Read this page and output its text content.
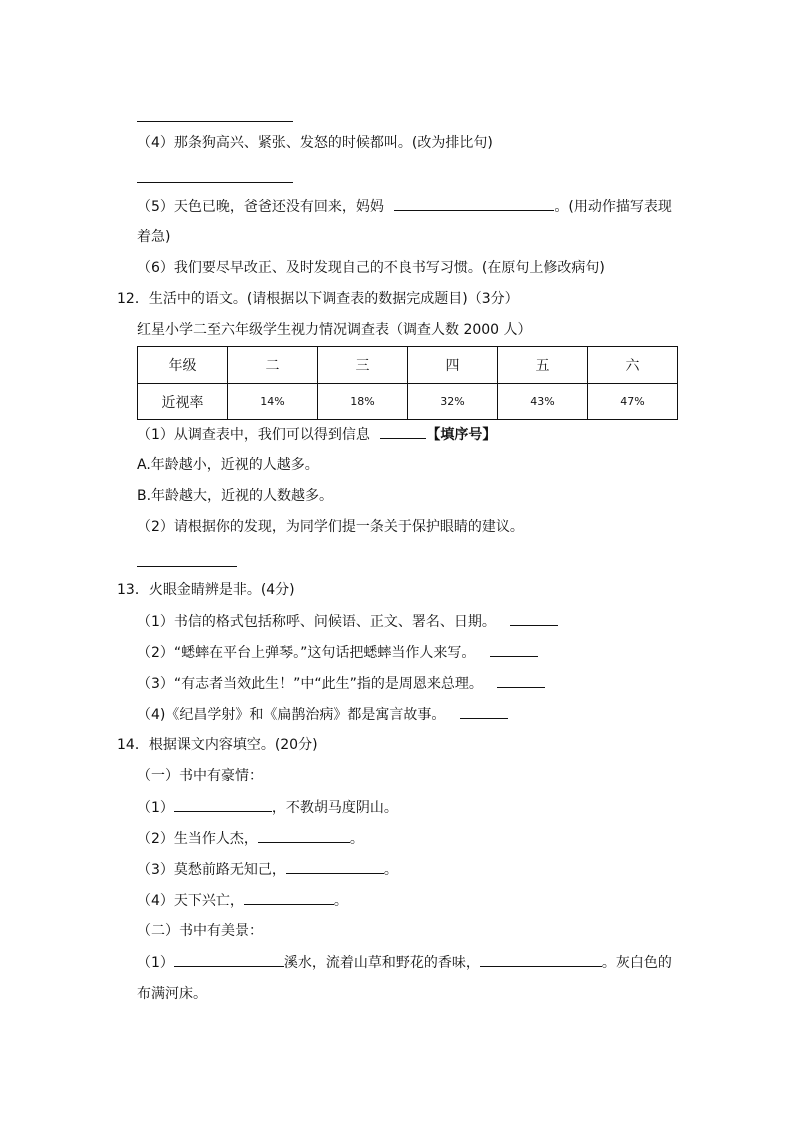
（4）那条狗高兴、紧张、发怒的时候都叫。(改为排比句)
（5）天色已晚，爸爸还没有回来，妈妈	。(用动作描写表现
着急)
（6）我们要尽早改正、及时发现自己的不良书写习惯。(在原句上修改病句)
12．生活中的语文。(请根据以下调查表的数据完成题目)（3分）
红星小学二至六年级学生视力情况调查表（调查人数 2000 人）
年级	二	三	四	五	六
近视率	14%	18%	32%	43%	47%
（1）从调查表中，我们可以得到信息	【填序号】
A.年龄越小，近视的人越多。
B.年龄越大，近视的人数越多。
（2）请根据你的发现，为同学们提一条关于保护眼睛的建议。
13．火眼金睛辨是非。(4分)
（1）书信的格式包括称呼、问候语、正文、署名、日期。
（2）“蟋蟀在平台上弹琴。”这句话把蟋蟀当作人来写。
（3）“有志者当效此生！”中“此生”指的是周恩来总理。
（4)《纪昌学射》和《扁鹊治病》都是寓言故事。
14．根据课文内容填空。(20分)
（一）书中有豪情：
（1）	，不教胡马度阴山。
（2）生当作人杰，	。
（3）莫愁前路无知己，	。
（4）天下兴亡，	。
（二）书中有美景：
（1）	溪水，流着山草和野花的香味，	。灰白色的
布满河床。
